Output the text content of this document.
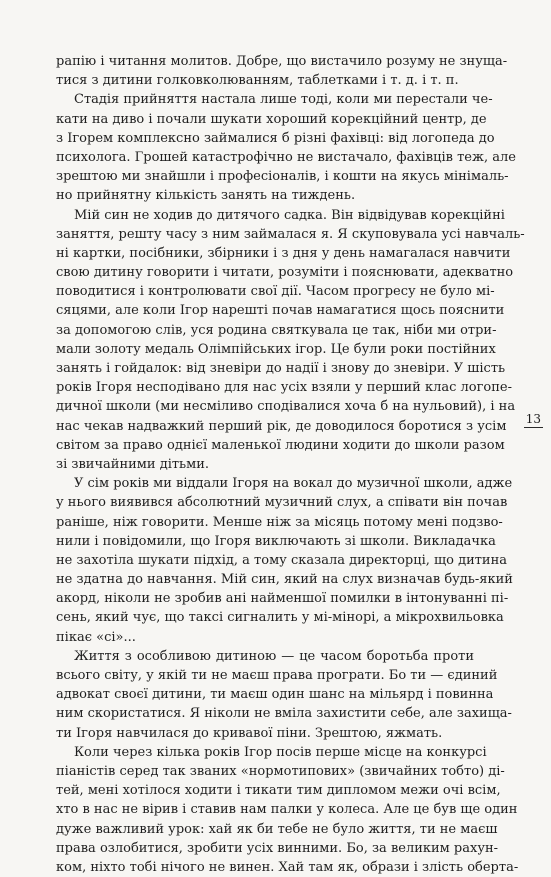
рапію і читання молитов. Добре, що вистачило розуму не знуща-
тися з дитини голковколюванням, таблетками і т. д. і т. п.
Стадія прийняття настала лише тоді, коли ми перестали че-
кати на диво і почали шукати хороший корекційний центр, де
з Ігорем комплексно займалися б різні фахівці: від логопеда до
психолога. Грошей катастрофічно не вистачало, фахівців теж, але
зрештою ми знайшли і професіоналів, і кошти на якусь мінімаль-
но прийнятну кількість занять на тиждень.
Мій син не ходив до дитячого садка. Він відвідував корекційні
заняття, решту часу з ним займалася я. Я скуповувала усі навчаль-
ні картки, посібники, збірники і з дня у день намагалася навчити
свою дитину говорити і читати, розуміти і пояснювати, адекватно
поводитися і контролювати свої дії. Часом прогресу не було мі-
сяцями, але коли Ігор нарешті почав намагатися щось пояснити
за допомогою слів, уся родина святкувала це так, ніби ми отри-
мали золоту медаль Олімпійських ігор. Це були роки постійних
занять і гойдалок: від зневіри до надії і знову до зневіри. У шість
років Ігоря несподівано для нас усіх взяли у перший клас логопе-
дичної школи (ми несміливо сподівалися хоча б на нульовий), і на
нас чекав надважкий перший рік, де доводилося боротися з усім
світом за право однієї маленької людини ходити до школи разом
зі звичайними дітьми.
У сім років ми віддали Ігоря на вокал до музичної школи, адже
у нього виявився абсолютний музичний слух, а співати він почав
раніше, ніж говорити. Менше ніж за місяць потому мені подзво-
нили і повідомили, що Ігоря виключають зі школи. Викладачка
не захотіла шукати підхід, а тому сказала директорці, що дитина
не здатна до навчання. Мій син, який на слух визначав будь-який
акорд, ніколи не зробив ані найменшої помилки в інтонуванні пі-
сень, який чує, що таксі сигналить у мі-мінорі, а мікрохвильовка
пікає «сі»...
Життя з особливою дитиною — це часом боротьба проти
всього світу, у якій ти не маєш права програти. Бо ти — єдиний
адвокат своєї дитини, ти маєш один шанс на мільярд і повинна
ним скористатися. Я ніколи не вміла захистити себе, але захища-
ти Ігоря навчилася до кривавої піни. Зрештою, яжмать.
Коли через кілька років Ігор посів перше місце на конкурсі
піаністів серед так званих «нормотипових» (звичайних тобто) ді-
тей, мені хотілося ходити і тикати тим дипломом межи очі всім,
хто в нас не вірив і ставив нам палки у колеса. Але це був ще один
дуже важливий урок: хай як би тебе не було життя, ти не маєш
права озлобитися, зробити усіх винними. Бо, за великим рахун-
ком, ніхто тобі нічого не винен. Хай там як, образи і злість оберта-
13
